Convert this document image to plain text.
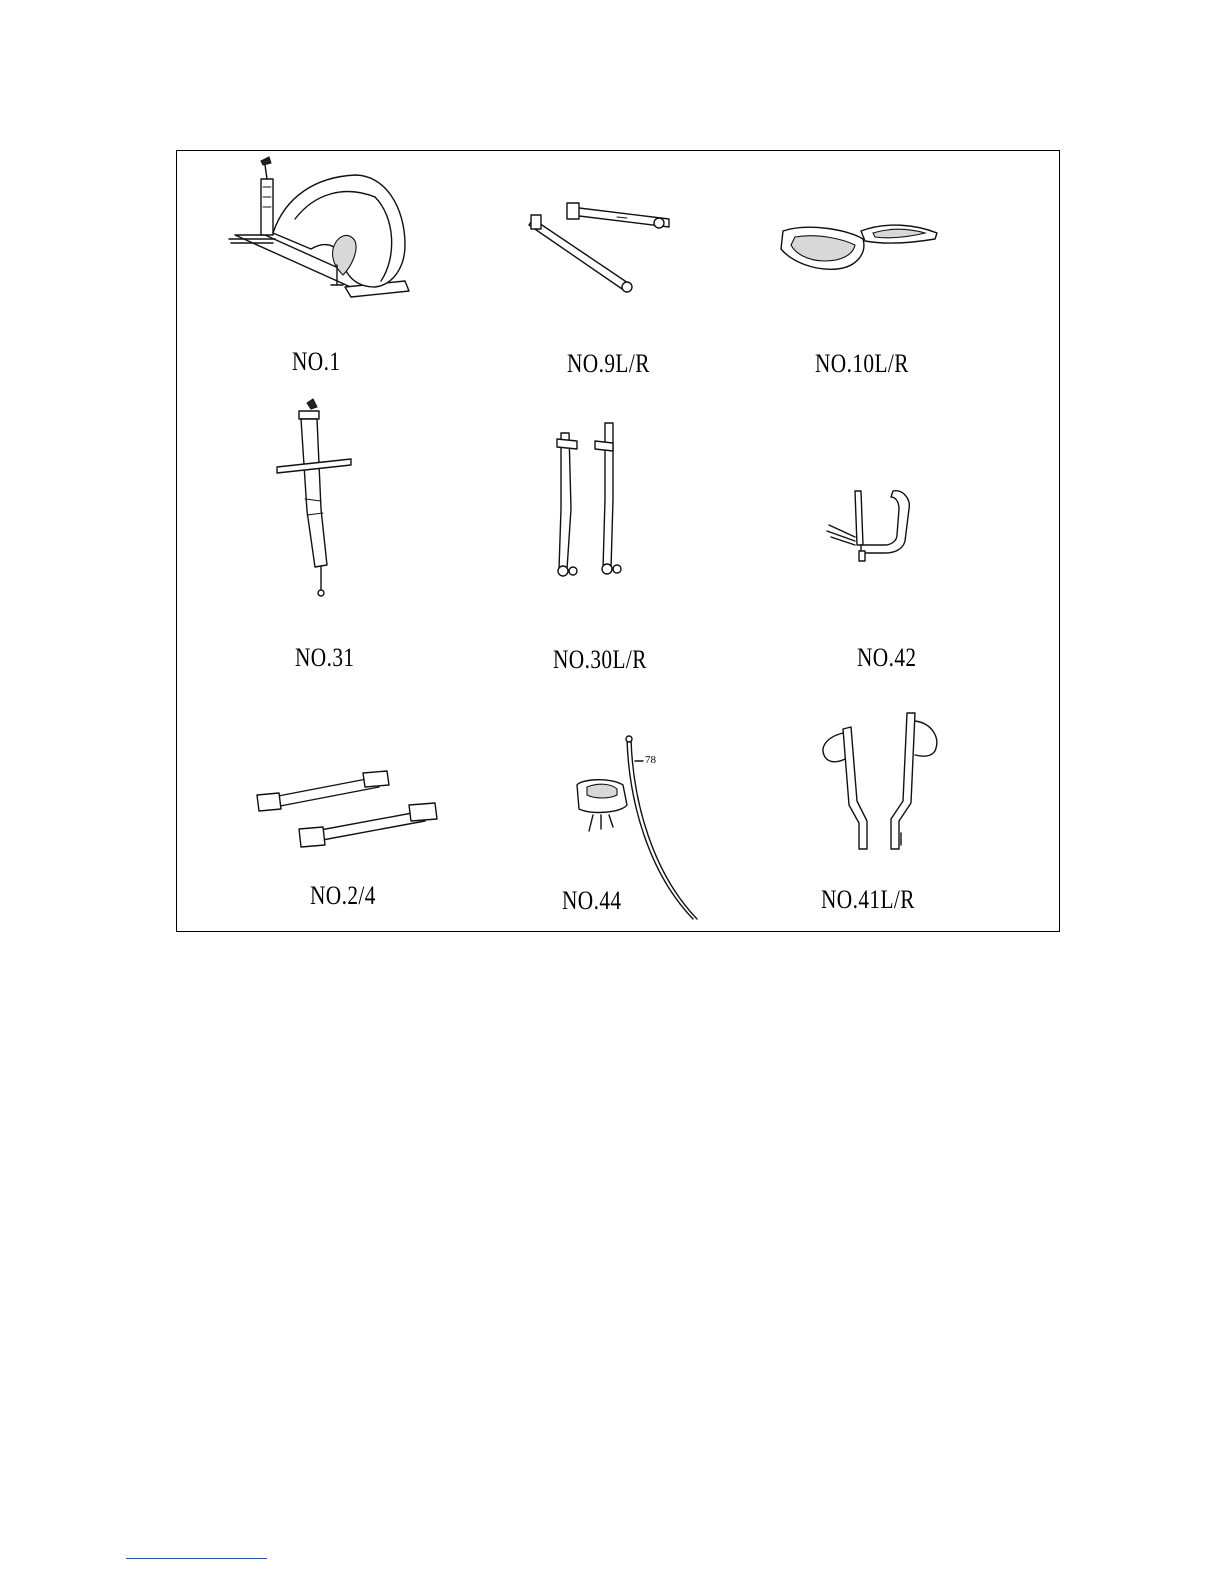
NO.1	NO.9L/R	NO.10L/R
NO.31	NO.30L/R	NO.42
NO.2/4
78
NO.44	NO.41L/R
